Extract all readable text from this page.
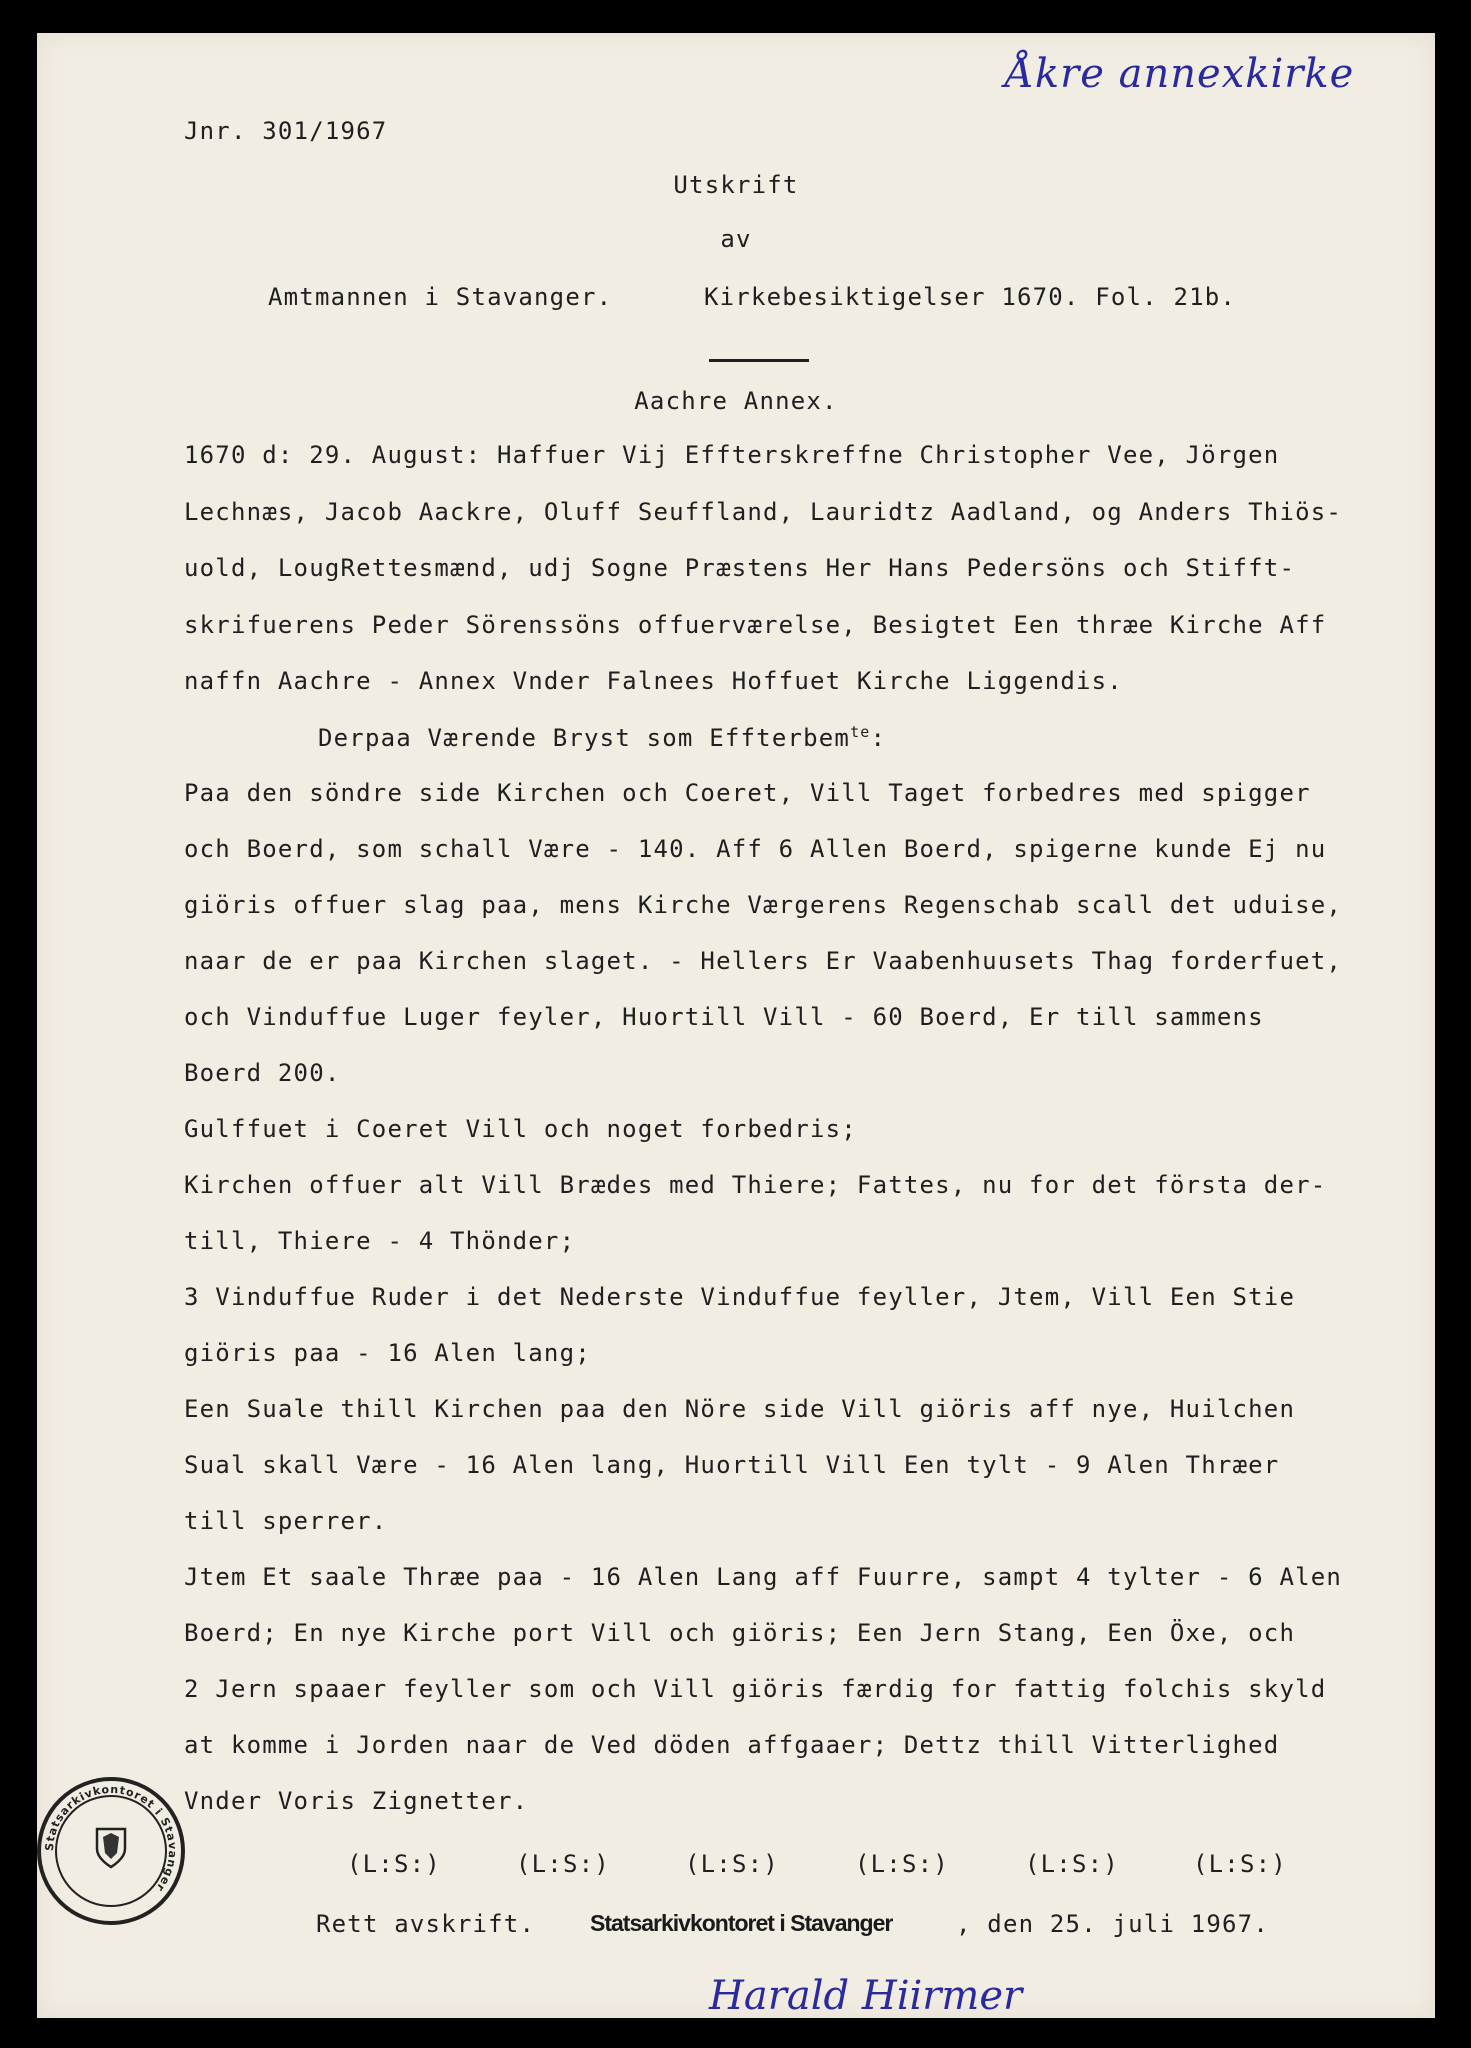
Åkre annexkirke
Jnr. 301/1967
Utskrift
av
Amtmannen i Stavanger.	Kirkebesiktigelser 1670. Fol. 21b.
Aachre Annex.
1670 d: 29. August: Haffuer Vij Effterskreffne Christopher Vee, Jörgen
Lechnæs, Jacob Aackre, Oluff Seuffland, Lauridtz Aadland, og Anders Thiös-
uold, LougRettesmænd, udj Sogne Præstens Her Hans Pedersöns och Stifft-
skrifuerens Peder Sörenssöns offuerværelse, Besigtet Een thræe Kirche Aff
naffn Aachre - Annex Vnder Falnees Hoffuet Kirche Liggendis.
Derpaa Værende Bryst som Effterbem$^{te}$:
Paa den söndre side Kirchen och Coeret, Vill Taget forbedres med spigger
och Boerd, som schall Være - 140. Aff 6 Allen Boerd, spigerne kunde Ej nu
giöris offuer slag paa, mens Kirche Værgerens Regenschab scall det uduise,
naar de er paa Kirchen slaget. - Hellers Er Vaabenhuusets Thag forderfuet,
och Vinduffue Luger feyler, Huortill Vill - 60 Boerd, Er till sammens
Boerd 200.
Gulffuet i Coeret Vill och noget forbedris;
Kirchen offuer alt Vill Brædes med Thiere; Fattes, nu for det första der-
till, Thiere - 4 Thönder;
3 Vinduffue Ruder i det Nederste Vinduffue feyller, Jtem, Vill Een Stie
giöris paa - 16 Alen lang;
Een Suale thill Kirchen paa den Nöre side Vill giöris aff nye, Huilchen
Sual skall Være - 16 Alen lang, Huortill Vill Een tylt - 9 Alen Thræer
till sperrer.
Jtem Et saale Thræe paa - 16 Alen Lang aff Fuurre, sampt 4 tylter - 6 Alen
Boerd; En nye Kirche port Vill och giöris; Een Jern Stang, Een Öxe, och
2 Jern spaaer feyller som och Vill giöris færdig for fattig folchis skyld
at komme i Jorden naar de Ved döden affgaaer; Dettz thill Vitterlighed
Vnder Voris Zignetter.
(L:S:)	(L:S:)	(L:S:)	(L:S:)	(L:S:)	(L:S:)
Rett avskrift. Statsarkivkontoret i Stavanger	, den 25. juli 1967.
Harald Hiirmer
Statsarkivkontoret i Stavanger
